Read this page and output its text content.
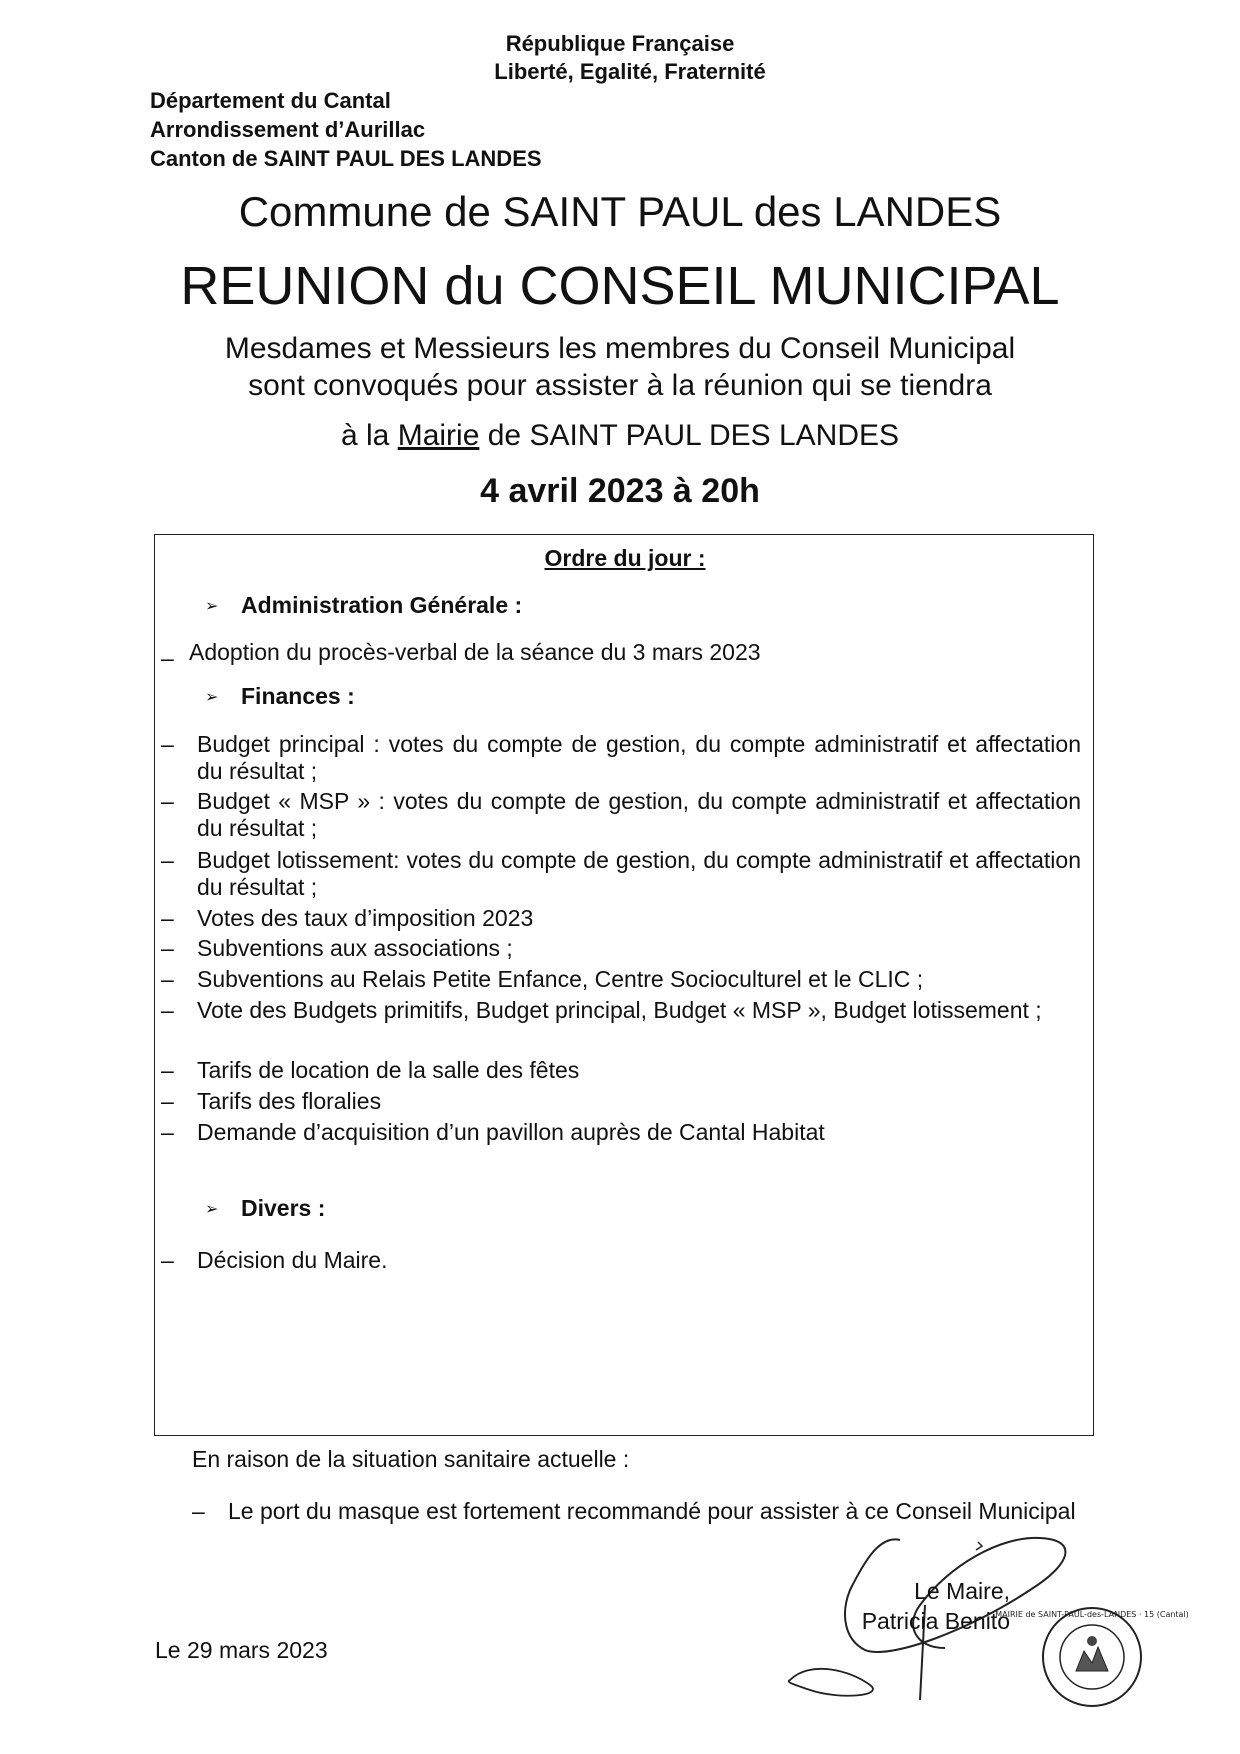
République Française
Liberté, Egalité, Fraternité
Département du Cantal
Arrondissement d’Aurillac
Canton de SAINT PAUL DES LANDES
Commune de SAINT PAUL des LANDES
REUNION du CONSEIL MUNICIPAL
Mesdames et Messieurs les membres du Conseil Municipal
sont convoqués pour assister à la réunion qui se tiendra
à la Mairie de SAINT PAUL DES LANDES
4 avril 2023 à 20h
Ordre du jour :
➢ Administration Générale :
– Adoption du procès-verbal de la séance du 3 mars 2023
➢ Finances :
– Budget principal : votes du compte de gestion, du compte administratif et affectation du résultat ;
– Budget « MSP » : votes du compte de gestion, du compte administratif et affectation du résultat ;
– Budget lotissement: votes du compte de gestion, du compte administratif et affectation du résultat ;
– Votes des taux d’imposition 2023
– Subventions aux associations ;
– Subventions au Relais Petite Enfance, Centre Socioculturel et le CLIC ;
– Vote des Budgets primitifs, Budget principal, Budget « MSP », Budget lotissement ;
– Tarifs de location de la salle des fêtes
– Tarifs des floralies
– Demande d’acquisition d’un pavillon auprès de Cantal Habitat
➢ Divers :
– Décision du Maire.
En raison de la situation sanitaire actuelle :
– Le port du masque est fortement recommandé pour assister à ce Conseil Municipal
Le 29 mars 2023
Le Maire,
Patricia Benito
MAIRIE de SAINT-PAUL-des-LANDES · 15 (Cantal)
